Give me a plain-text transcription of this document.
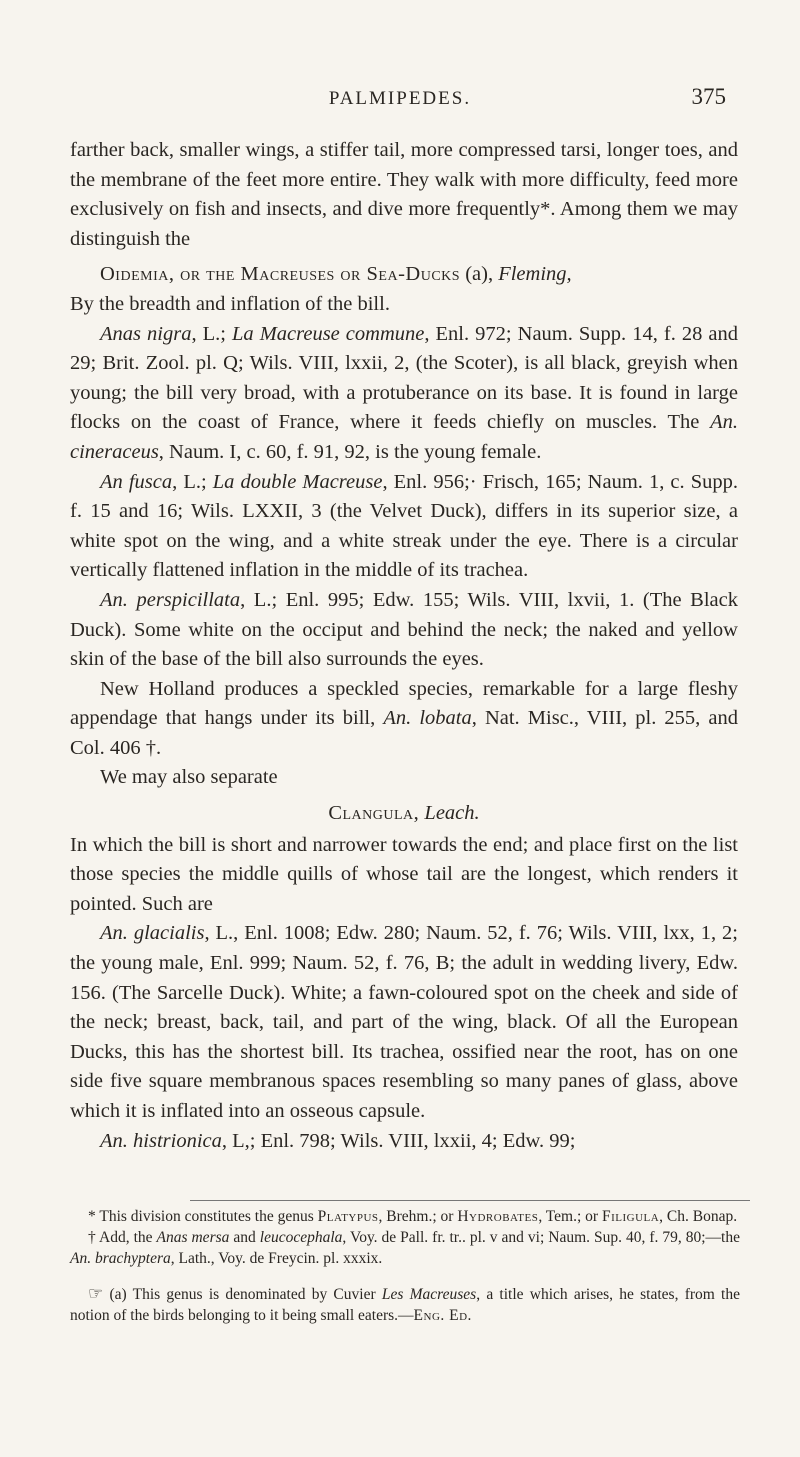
PALMIPEDES.	375

farther back, smaller wings, a stiffer tail, more compressed tarsi, longer toes, and the membrane of the feet more entire. They walk with more difficulty, feed more exclusively on fish and insects, and dive more frequently*. Among them we may distinguish the

Oidemia, or the Macreuses or Sea-Ducks (a), Fleming,

By the breadth and inflation of the bill.

Anas nigra, L.; La Macreuse commune, Enl. 972; Naum. Supp. 14, f. 28 and 29; Brit. Zool. pl. Q; Wils. VIII, lxxii, 2, (the Scoter), is all black, greyish when young; the bill very broad, with a protuberance on its base. It is found in large flocks on the coast of France, where it feeds chiefly on muscles. The An. cineraceus, Naum. I, c. 60, f. 91, 92, is the young female.

An fusca, L.; La double Macreuse, Enl. 956;· Frisch, 165; Naum. 1, c. Supp. f. 15 and 16; Wils. LXXII, 3 (the Velvet Duck), differs in its superior size, a white spot on the wing, and a white streak under the eye. There is a circular vertically flattened inflation in the middle of its trachea.

An. perspicillata, L.; Enl. 995; Edw. 155; Wils. VIII, lxvii, 1. (The Black Duck). Some white on the occiput and behind the neck; the naked and yellow skin of the base of the bill also surrounds the eyes.

New Holland produces a speckled species, remarkable for a large fleshy appendage that hangs under its bill, An. lobata, Nat. Misc., VIII, pl. 255, and Col. 406 †.

We may also separate

Clangula, Leach.

In which the bill is short and narrower towards the end; and place first on the list those species the middle quills of whose tail are the longest, which renders it pointed. Such are

An. glacialis, L., Enl. 1008; Edw. 280; Naum. 52, f. 76; Wils. VIII, lxx, 1, 2; the young male, Enl. 999; Naum. 52, f. 76, B; the adult in wedding livery, Edw. 156. (The Sarcelle Duck). White; a fawn-coloured spot on the cheek and side of the neck; breast, back, tail, and part of the wing, black. Of all the European Ducks, this has the shortest bill. Its trachea, ossified near the root, has on one side five square membranous spaces resembling so many panes of glass, above which it is inflated into an osseous capsule.

An. histrionica, L,; Enl. 798; Wils. VIII, lxxii, 4; Edw. 99;

* This division constitutes the genus Platypus, Brehm.; or Hydrobates, Tem.; or Filigula, Ch. Bonap.

† Add, the Anas mersa and leucocephala, Voy. de Pall. fr. tr.. pl. v and vi; Naum. Sup. 40, f. 79, 80;—the An. brachyptera, Lath., Voy. de Freycin. pl. xxxix.

☞ (a) This genus is denominated by Cuvier Les Macreuses, a title which arises, he states, from the notion of the birds belonging to it being small eaters.—Eng. Ed.
